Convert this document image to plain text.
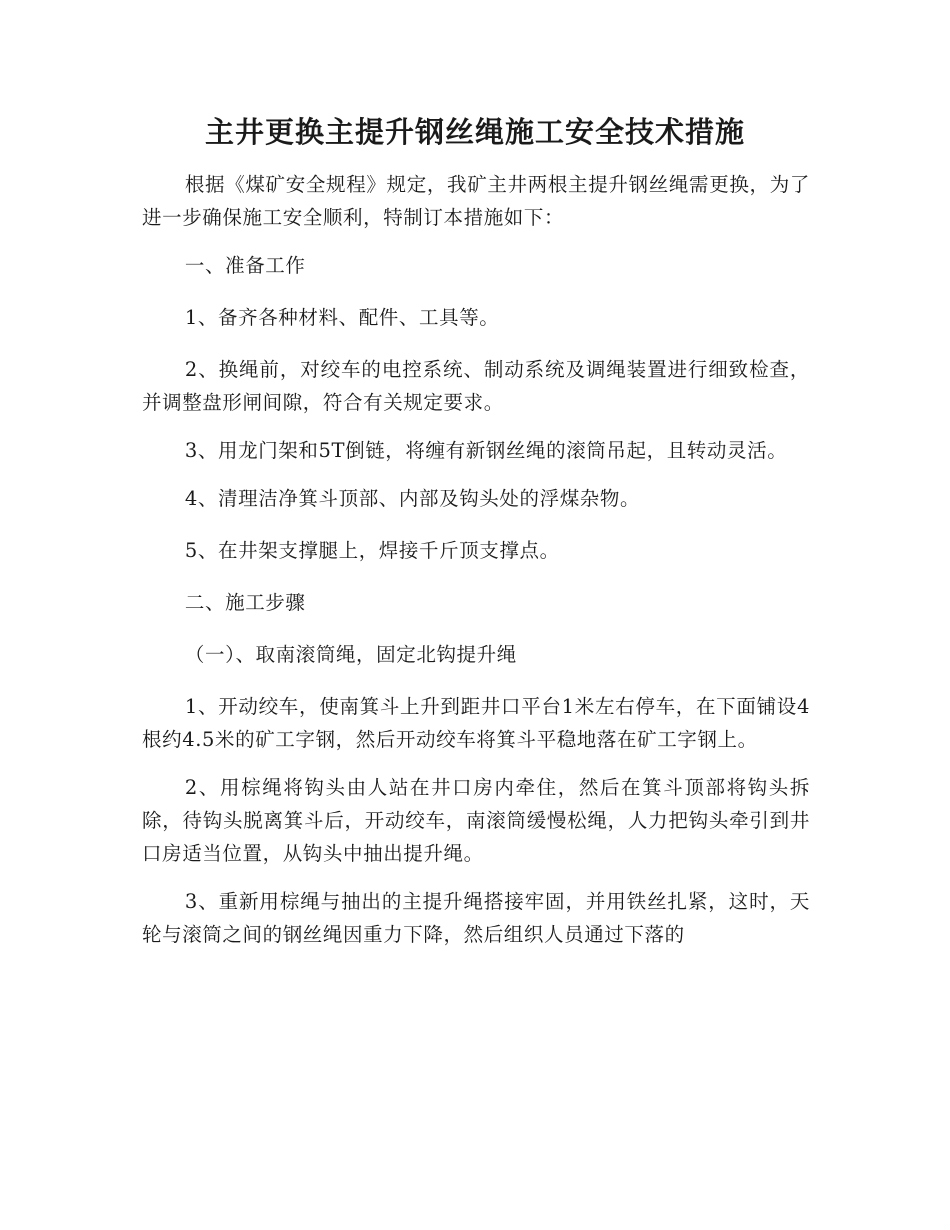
主井更换主提升钢丝绳施工安全技术措施

根据《煤矿安全规程》规定，我矿主井两根主提升钢丝绳需更换，为了进一步确保施工安全顺利，特制订本措施如下：

一、准备工作

1、备齐各种材料、配件、工具等。

2、换绳前，对绞车的电控系统、制动系统及调绳装置进行细致检查，并调整盘形闸间隙，符合有关规定要求。

3、用龙门架和5T倒链，将缠有新钢丝绳的滚筒吊起，且转动灵活。

4、清理洁净箕斗顶部、内部及钩头处的浮煤杂物。

5、在井架支撑腿上，焊接千斤顶支撑点。

二、施工步骤

（一）、取南滚筒绳，固定北钩提升绳

1、开动绞车，使南箕斗上升到距井口平台1米左右停车，在下面铺设4根约4.5米的矿工字钢，然后开动绞车将箕斗平稳地落在矿工字钢上。

2、用棕绳将钩头由人站在井口房内牵住，然后在箕斗顶部将钩头拆除，待钩头脱离箕斗后，开动绞车，南滚筒缓慢松绳，人力把钩头牵引到井口房适当位置，从钩头中抽出提升绳。

3、重新用棕绳与抽出的主提升绳搭接牢固，并用铁丝扎紧，这时，天轮与滚筒之间的钢丝绳因重力下降，然后组织人员通过下落的
